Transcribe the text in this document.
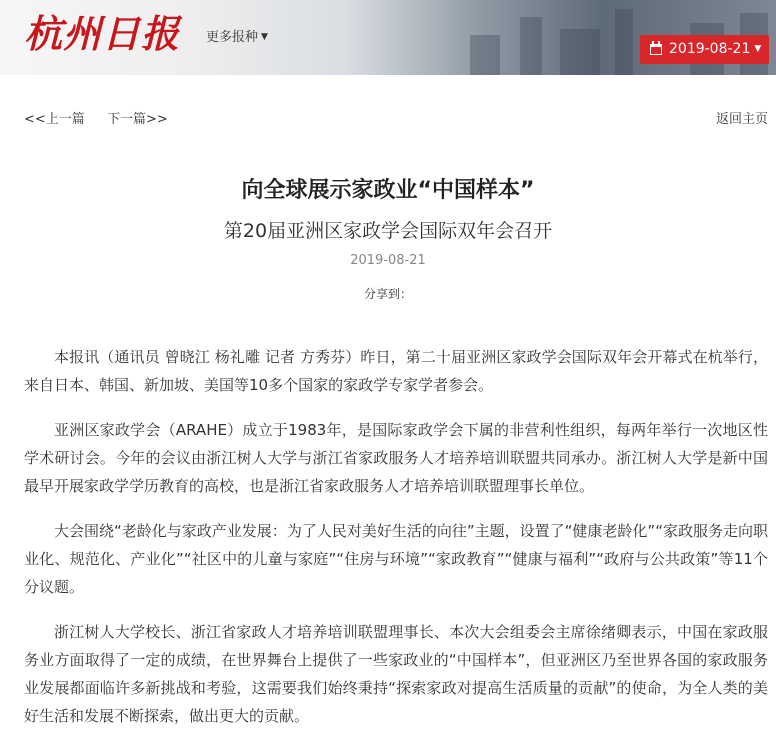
杭州日报 更多报种 ▼
2019-08-21 ▼
<<上一篇 下一篇>>	返回主页
向全球展示家政业“中国样本”
第20届亚洲区家政学会国际双年会召开
2019-08-21
分享到：

本报讯（通讯员 曾晓江 杨礼雕 记者 方秀芬）昨日，第二十届亚洲区家政学会国际双年会开幕式在杭举行，来自日本、韩国、新加坡、美国等10多个国家的家政学专家学者参会。

亚洲区家政学会（ARAHE）成立于1983年，是国际家政学会下属的非营利性组织，每两年举行一次地区性学术研讨会。今年的会议由浙江树人大学与浙江省家政服务人才培养培训联盟共同承办。浙江树人大学是新中国最早开展家政学学历教育的高校，也是浙江省家政服务人才培养培训联盟理事长单位。

大会围绕“老龄化与家政产业发展：为了人民对美好生活的向往”主题，设置了“健康老龄化”“家政服务走向职业化、规范化、产业化”“社区中的儿童与家庭”“住房与环境”“家政教育”“健康与福利”“政府与公共政策”等11个分议题。

浙江树人大学校长、浙江省家政人才培养培训联盟理事长、本次大会组委会主席徐绪卿表示，中国在家政服务业方面取得了一定的成绩，在世界舞台上提供了一些家政业的“中国样本”，但亚洲区乃至世界各国的家政服务业发展都面临许多新挑战和考验，这需要我们始终秉持“探索家政对提高生活质量的贡献”的使命，为全人类的美好生活和发展不断探索，做出更大的贡献。
